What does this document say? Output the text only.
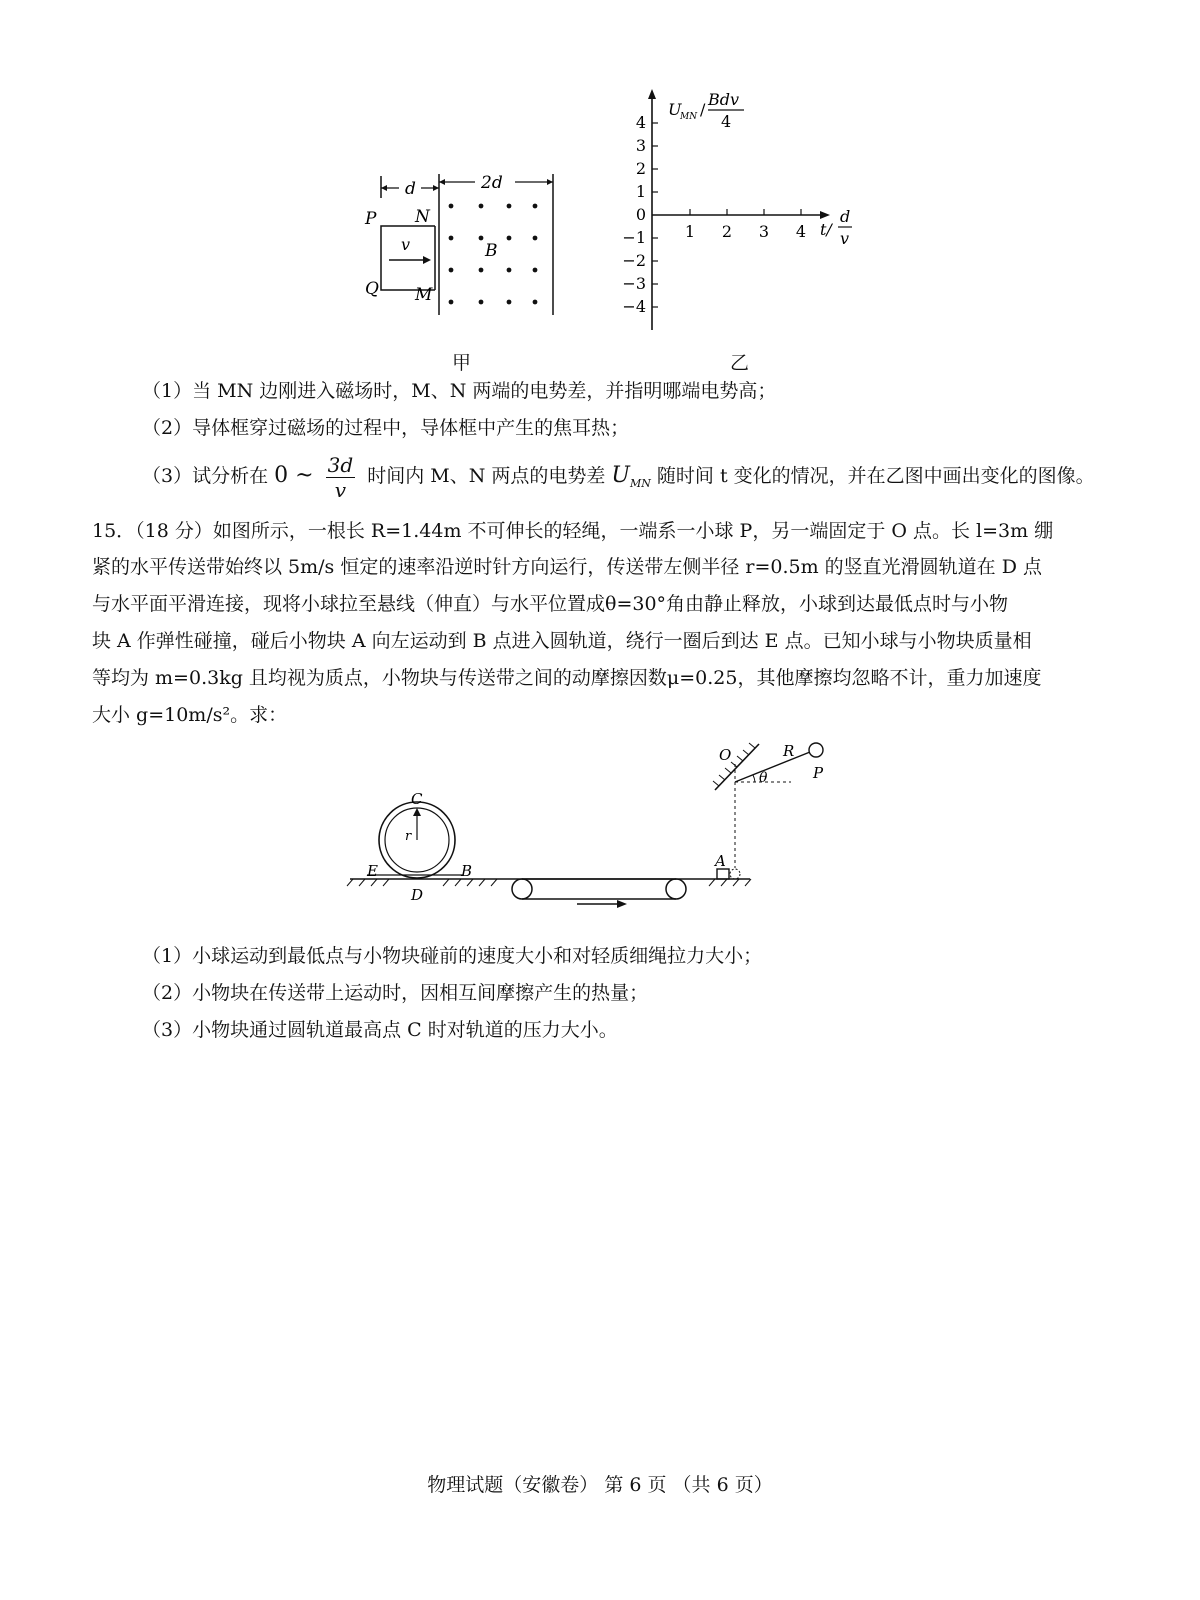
d	2d
P N
Q M
v	B
甲
4
3
2
1
0
−1
−2
−3
−4
1 2 3 4
U
MN /
Bdv
4
t/
d
v
乙
（1）当 MN 边刚进入磁场时，M、N 两端的电势差，并指明哪端电势高；
（2）导体框穿过磁场的过程中，导体框中产生的焦耳热；
（3）试分析在 0 ~ $\frac{3d}{v}$ 时间内 M、N 两点的电势差 $U_{MN}$ 随时间 t 变化的情况，并在乙图中画出变化的图像。
15．（18 分）如图所示，一根长 R=1.44m 不可伸长的轻绳，一端系一小球 P，另一端固定于 O 点。长 l=3m 绷
紧的水平传送带始终以 5m/s 恒定的速率沿逆时针方向运行，传送带左侧半径 r=0.5m 的竖直光滑圆轨道在 D 点
与水平面平滑连接，现将小球拉至悬线（伸直）与水平位置成θ=30°角由静止释放，小球到达最低点时与小物
块 A 作弹性碰撞，碰后小物块 A 向左运动到 B 点进入圆轨道，绕行一圈后到达 E 点。已知小球与小物块质量相
等均为 m=0.3kg 且均视为质点，小物块与传送带之间的动摩擦因数μ=0.25，其他摩擦均忽略不计，重力加速度
大小 g=10m/s²。求：
C
r
E	B
D
A
O	R
P
θ
（1）小球运动到最低点与小物块碰前的速度大小和对轻质细绳拉力大小；
（2）小物块在传送带上运动时，因相互间摩擦产生的热量；
（3）小物块通过圆轨道最高点 C 时对轨道的压力大小。
物理试题（安徽卷） 第 6 页 （共 6 页）
